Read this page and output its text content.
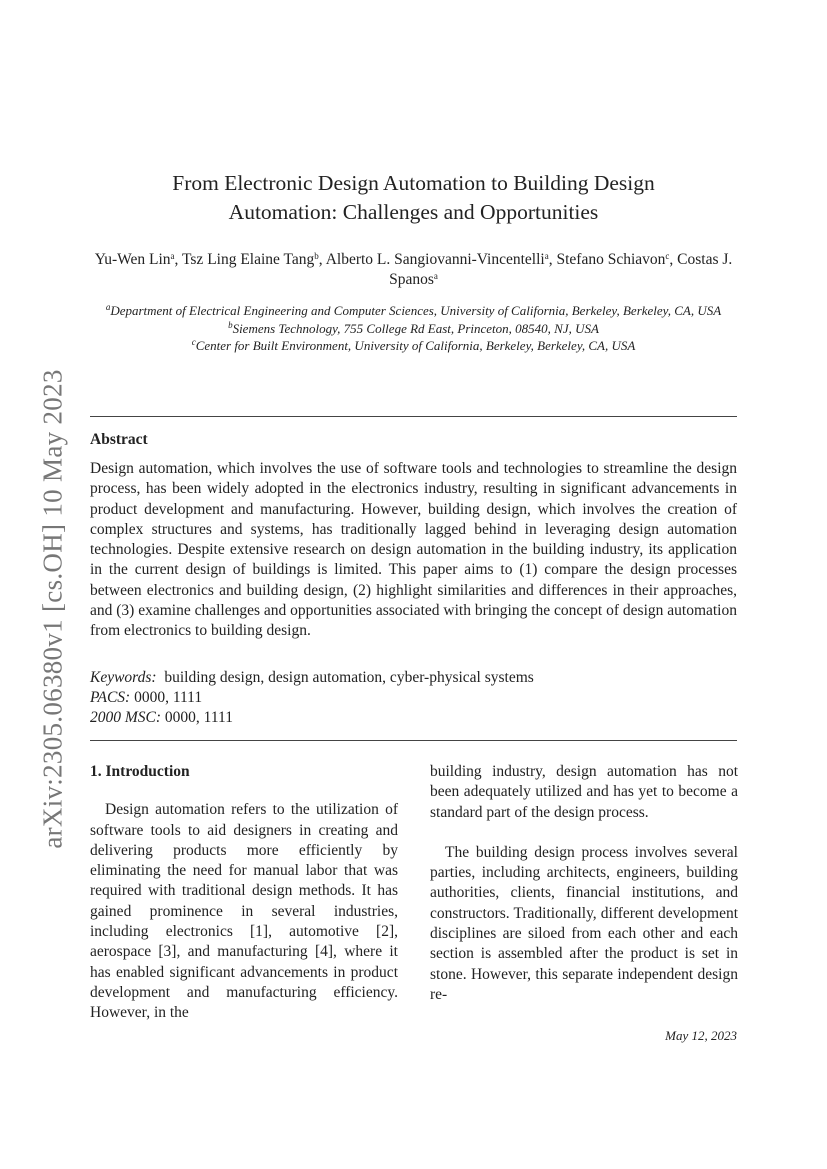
arXiv:2305.06380v1 [cs.OH] 10 May 2023
From Electronic Design Automation to Building Design
Automation: Challenges and Opportunities
Yu-Wen Lin$^a$, Tsz Ling Elaine Tang$^b$, Alberto L. Sangiovanni-Vincentelli$^a$, Stefano Schiavon$^c$, Costas J. Spanos$^a$
$^a$Department of Electrical Engineering and Computer Sciences, University of California, Berkeley, Berkeley, CA, USA
$^b$Siemens Technology, 755 College Rd East, Princeton, 08540, NJ, USA
$^c$Center for Built Environment, University of California, Berkeley, Berkeley, CA, USA
Abstract
Design automation, which involves the use of software tools and technologies to streamline the design process, has been widely adopted in the electronics industry, resulting in significant advancements in product development and manufacturing. However, building design, which involves the creation of complex structures and systems, has traditionally lagged behind in leveraging design automation technologies. Despite extensive research on design automation in the building industry, its application in the current design of buildings is limited. This paper aims to (1) compare the design processes between electronics and building design, (2) highlight similarities and differences in their approaches, and (3) examine challenges and opportunities associated with bringing the concept of design automation from electronics to building design.
Keywords: building design, design automation, cyber-physical systems
PACS: 0000, 1111
2000 MSC: 0000, 1111
1. Introduction

Design automation refers to the utilization of software tools to aid designers in creating and delivering products more efficiently by eliminating the need for manual labor that was required with traditional design methods. It has gained prominence in several industries, including electronics [1], automotive [2], aerospace [3], and manufacturing [4], where it has enabled significant advancements in product development and manufacturing efficiency. However, in the

building industry, design automation has not been adequately utilized and has yet to become a standard part of the design process.

The building design process involves several parties, including architects, engineers, building authorities, clients, financial institutions, and constructors. Traditionally, different development disciplines are siloed from each other and each section is assembled after the product is set in stone. However, this separate independent design re-

May 12, 2023
